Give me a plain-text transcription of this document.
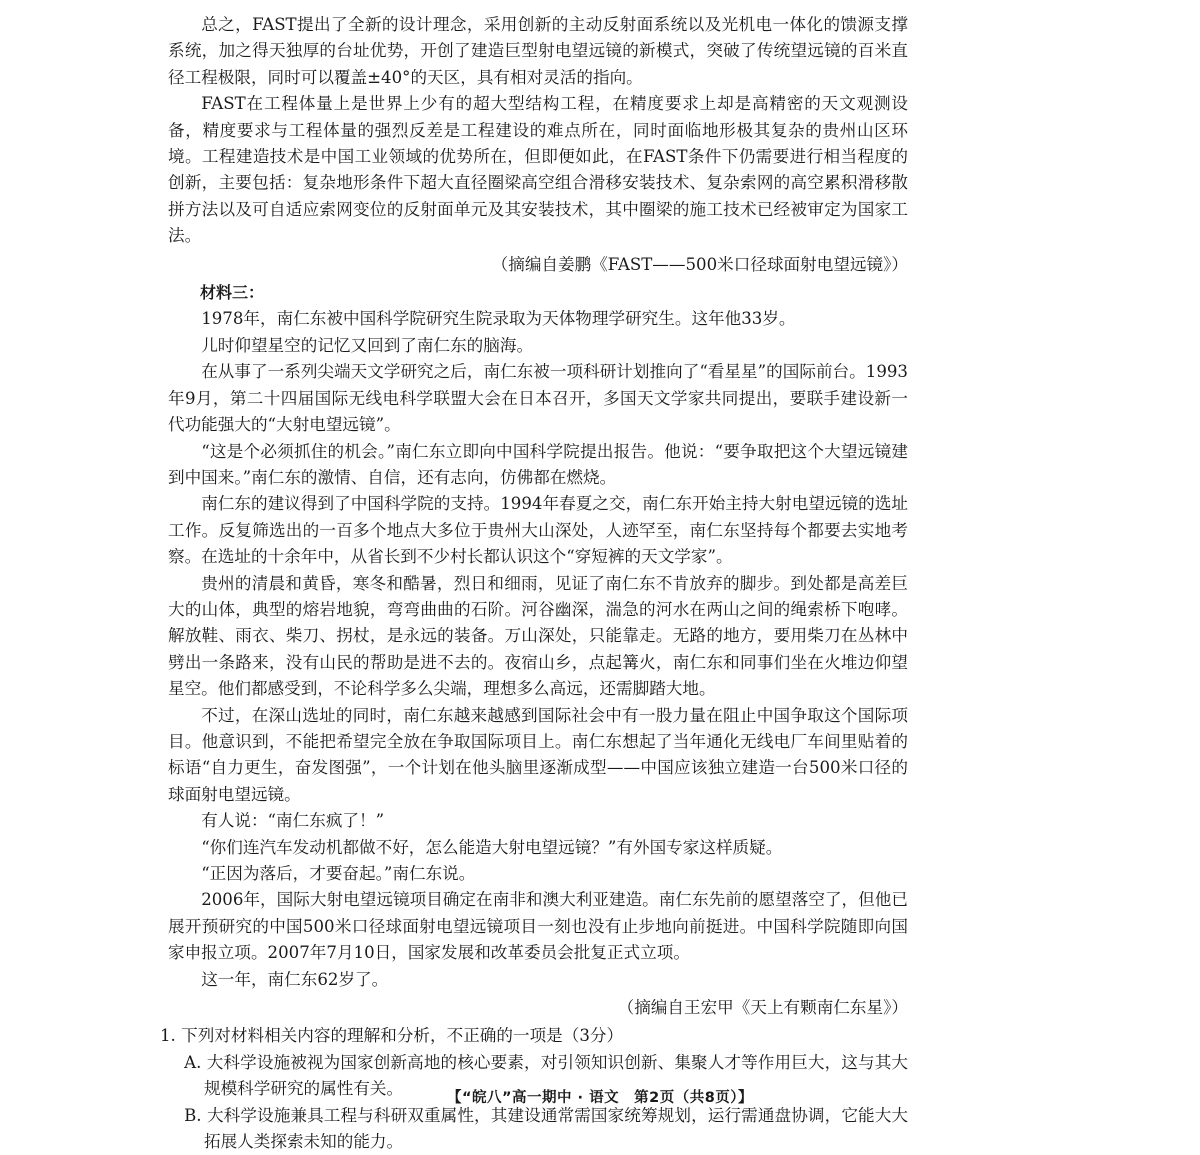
总之，FAST提出了全新的设计理念，采用创新的主动反射面系统以及光机电一体化的馈源支撑系统，加之得天独厚的台址优势，开创了建造巨型射电望远镜的新模式，突破了传统望远镜的百米直径工程极限，同时可以覆盖±40°的天区，具有相对灵活的指向。

FAST在工程体量上是世界上少有的超大型结构工程，在精度要求上却是高精密的天文观测设备，精度要求与工程体量的强烈反差是工程建设的难点所在，同时面临地形极其复杂的贵州山区环境。工程建造技术是中国工业领域的优势所在，但即便如此，在FAST条件下仍需要进行相当程度的创新，主要包括：复杂地形条件下超大直径圈梁高空组合滑移安装技术、复杂索网的高空累积滑移散拼方法以及可自适应索网变位的反射面单元及其安装技术，其中圈梁的施工技术已经被审定为国家工法。

（摘编自姜鹏《FAST——500米口径球面射电望远镜》）

材料三：

1978年，南仁东被中国科学院研究生院录取为天体物理学研究生。这年他33岁。

儿时仰望星空的记忆又回到了南仁东的脑海。

在从事了一系列尖端天文学研究之后，南仁东被一项科研计划推向了“看星星”的国际前台。1993年9月，第二十四届国际无线电科学联盟大会在日本召开，多国天文学家共同提出，要联手建设新一代功能强大的“大射电望远镜”。

“这是个必须抓住的机会。”南仁东立即向中国科学院提出报告。他说：“要争取把这个大望远镜建到中国来。”南仁东的激情、自信，还有志向，仿佛都在燃烧。

南仁东的建议得到了中国科学院的支持。1994年春夏之交，南仁东开始主持大射电望远镜的选址工作。反复筛选出的一百多个地点大多位于贵州大山深处，人迹罕至，南仁东坚持每个都要去实地考察。在选址的十余年中，从省长到不少村长都认识这个“穿短裤的天文学家”。

贵州的清晨和黄昏，寒冬和酷暑，烈日和细雨，见证了南仁东不肯放弃的脚步。到处都是高差巨大的山体，典型的熔岩地貌，弯弯曲曲的石阶。河谷幽深，湍急的河水在两山之间的绳索桥下咆哮。解放鞋、雨衣、柴刀、拐杖，是永远的装备。万山深处，只能靠走。无路的地方，要用柴刀在丛林中劈出一条路来，没有山民的帮助是进不去的。夜宿山乡，点起篝火，南仁东和同事们坐在火堆边仰望星空。他们都感受到，不论科学多么尖端，理想多么高远，还需脚踏大地。

不过，在深山选址的同时，南仁东越来越感到国际社会中有一股力量在阻止中国争取这个国际项目。他意识到，不能把希望完全放在争取国际项目上。南仁东想起了当年通化无线电厂车间里贴着的标语“自力更生，奋发图强”，一个计划在他头脑里逐渐成型——中国应该独立建造一台500米口径的球面射电望远镜。

有人说：“南仁东疯了！”

“你们连汽车发动机都做不好，怎么能造大射电望远镜？”有外国专家这样质疑。

“正因为落后，才要奋起。”南仁东说。

2006年，国际大射电望远镜项目确定在南非和澳大利亚建造。南仁东先前的愿望落空了，但他已展开预研究的中国500米口径球面射电望远镜项目一刻也没有止步地向前挺进。中国科学院随即向国家申报立项。2007年7月10日，国家发展和改革委员会批复正式立项。

这一年，南仁东62岁了。

（摘编自王宏甲《天上有颗南仁东星》）

1. 下列对材料相关内容的理解和分析，不正确的一项是（3分）

A. 大科学设施被视为国家创新高地的核心要素，对引领知识创新、集聚人才等作用巨大，这与其大规模科学研究的属性有关。

B. 大科学设施兼具工程与科研双重属性，其建设通常需国家统筹规划，运行需通盘协调，它能大大拓展人类探索未知的能力。

【“皖八”高一期中 · 语文　第2页（共8页）】
